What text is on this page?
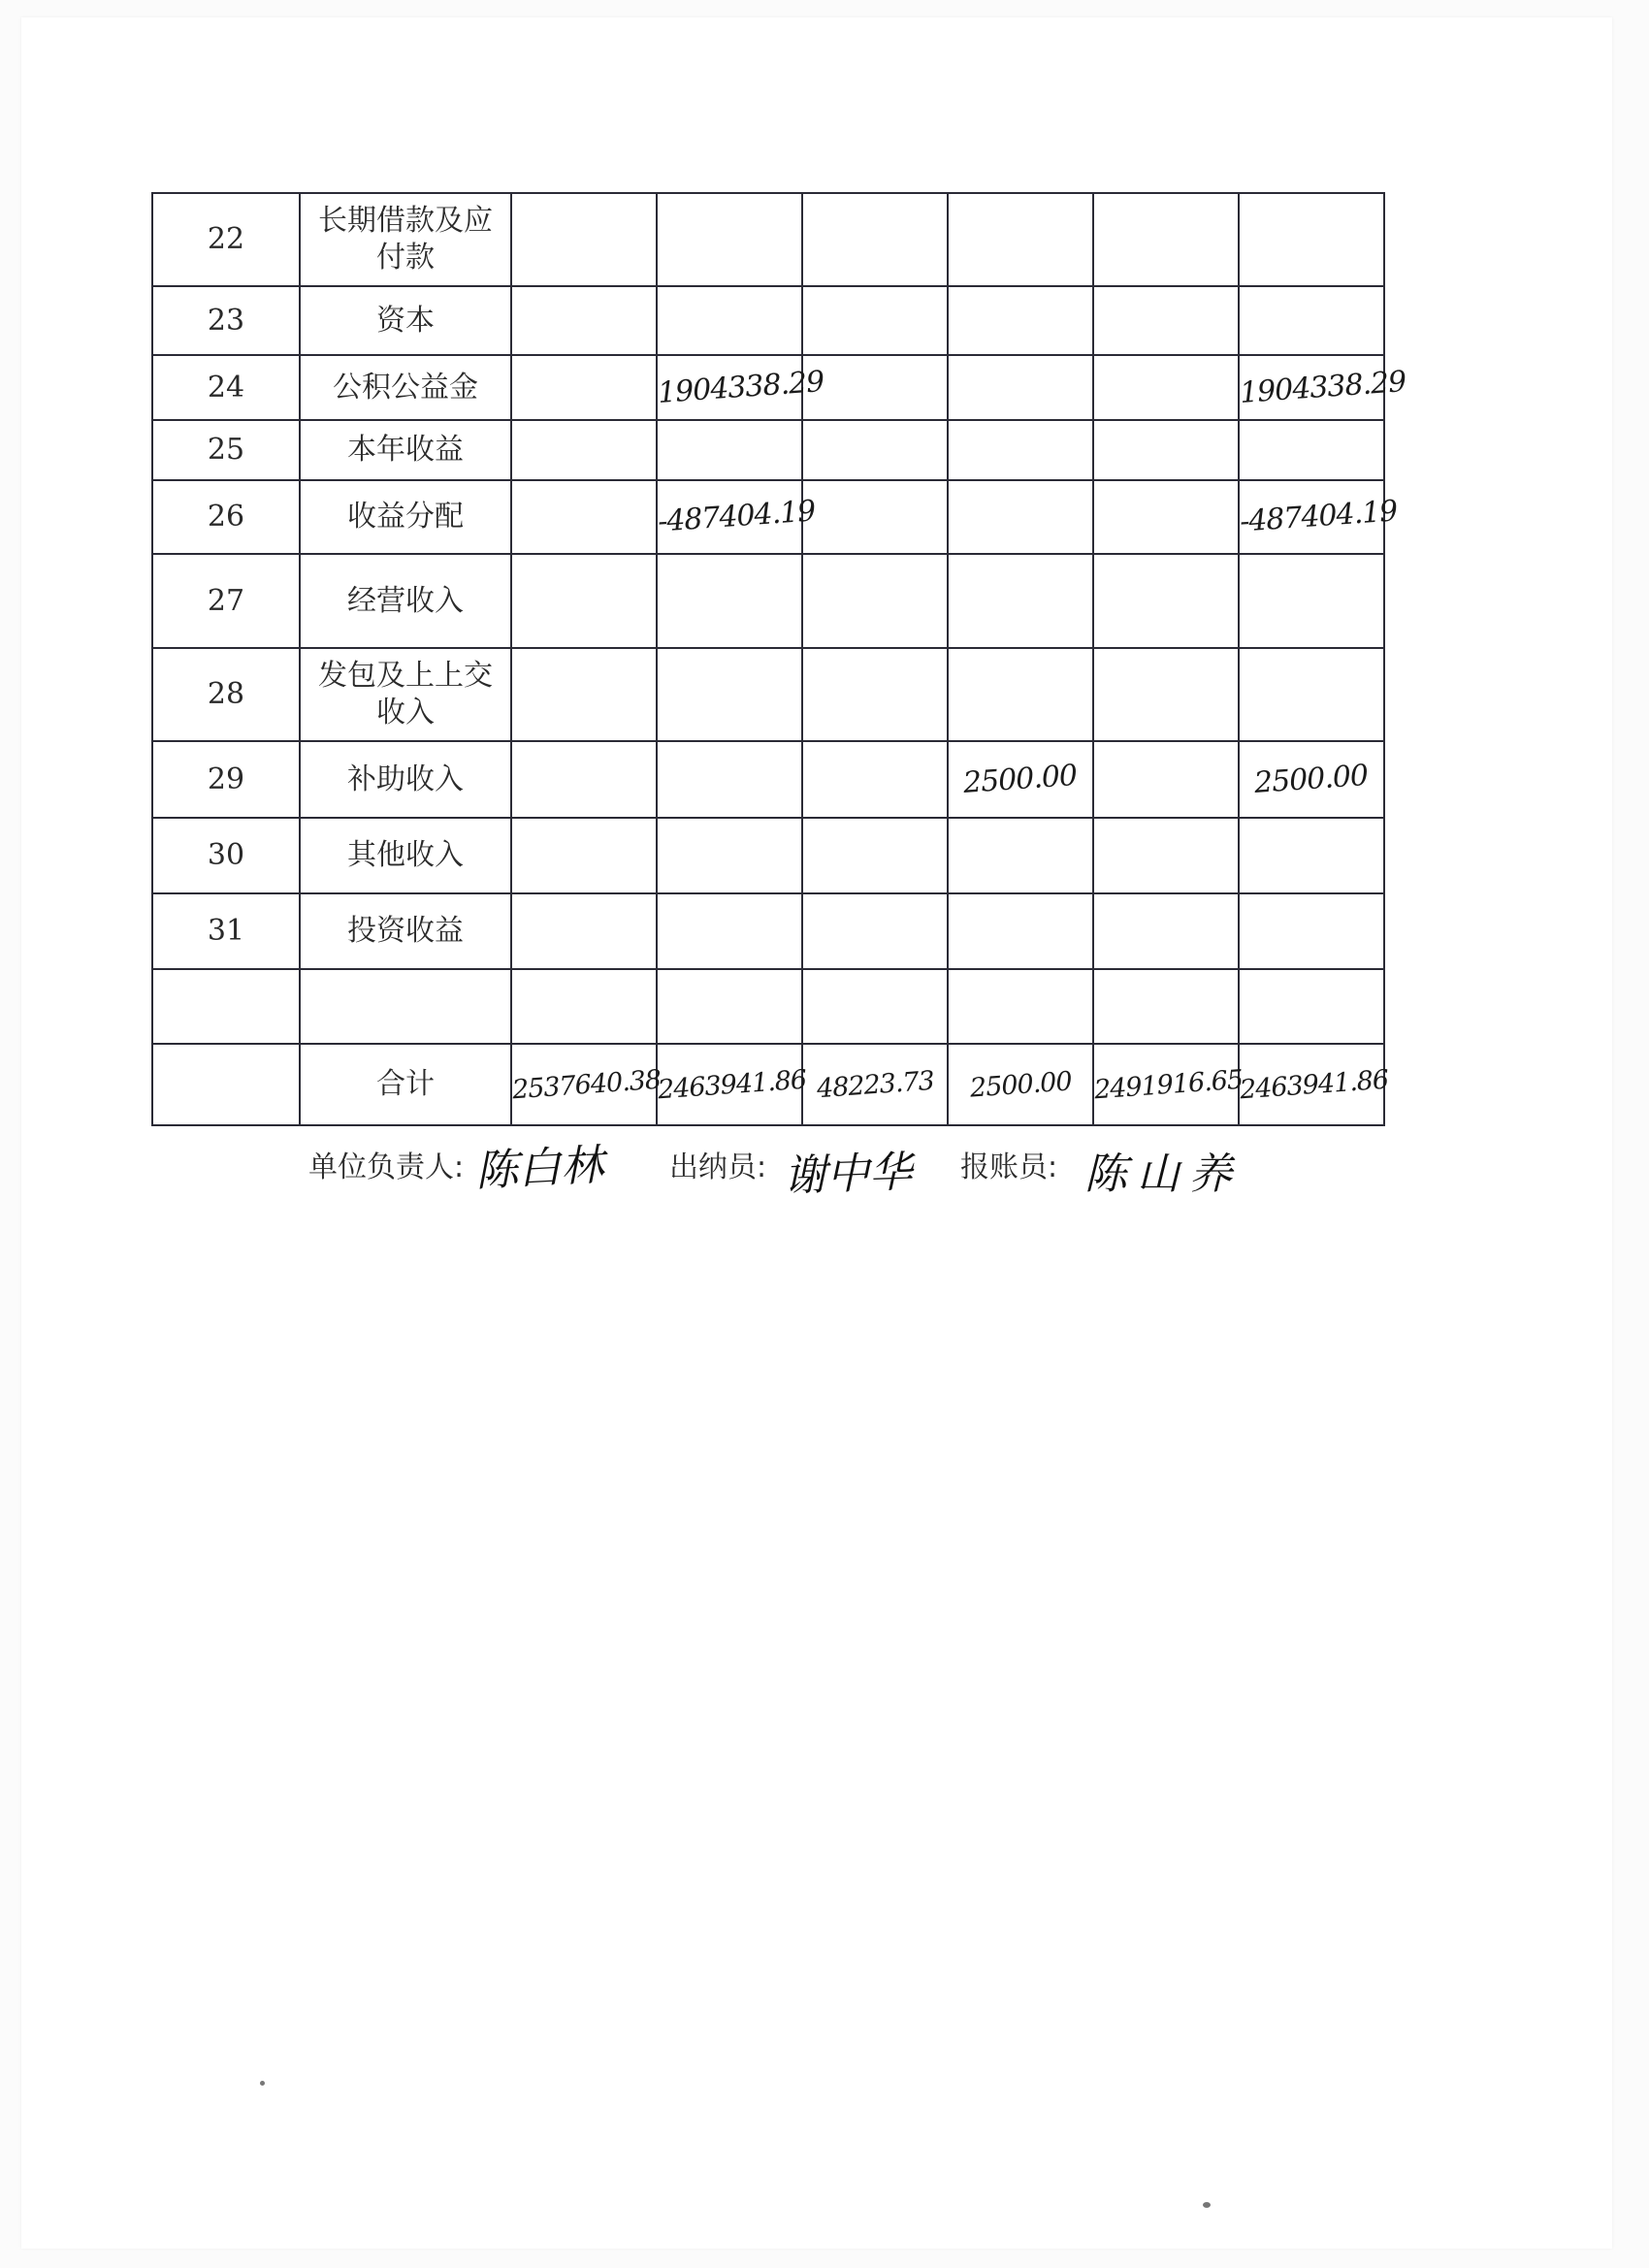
22	长期借款及应付款						
23	资本						
24	公积公益金		1904338.29				1904338.29
25	本年收益						
26	收益分配		-487404.19				-487404.19
27	经营收入						
28	发包及上上交收入						
29	补助收入				2500.00		2500.00
30	其他收入						
31	投资收益						

	合计	2537640.38	2463941.86	48223.73	2500.00	2491916.65	2463941.86
单位负责人: 陈白林 出纳员: 谢中华 报账员: 陈山养
